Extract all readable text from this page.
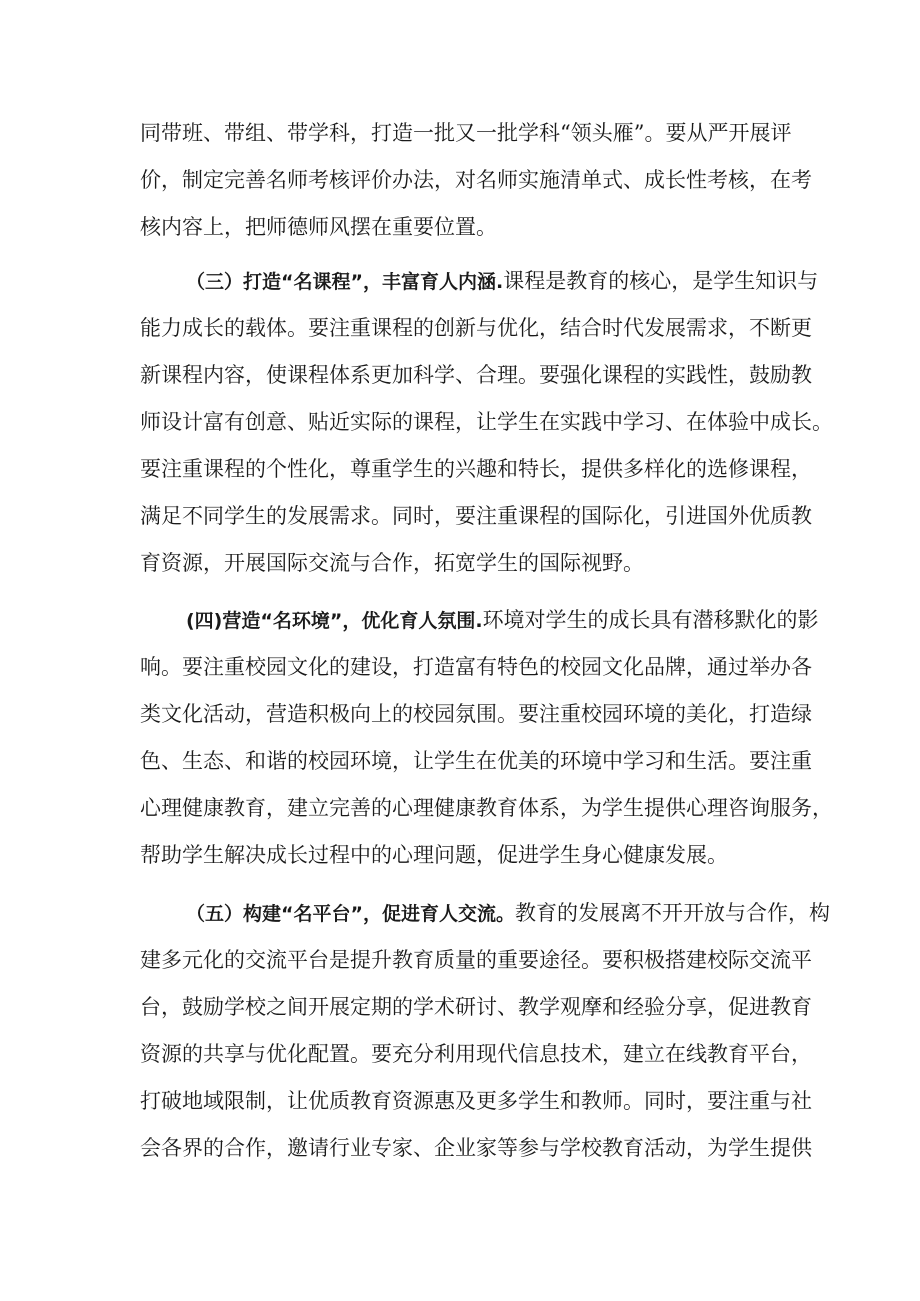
同带班、带组、带学科，打造一批又一批学科“领头雁”。要从严开展评
价，制定完善名师考核评价办法，对名师实施清单式、成长性考核，在考
核内容上，把师德师风摆在重要位置。
（三）打造“名课程”，丰富育人内涵.课程是教育的核心，是学生知识与
能力成长的载体。要注重课程的创新与优化，结合时代发展需求，不断更
新课程内容，使课程体系更加科学、合理。要强化课程的实践性，鼓励教
师设计富有创意、贴近实际的课程，让学生在实践中学习、在体验中成长。
要注重课程的个性化，尊重学生的兴趣和特长，提供多样化的选修课程，
满足不同学生的发展需求。同时，要注重课程的国际化，引进国外优质教
育资源，开展国际交流与合作，拓宽学生的国际视野。
(四)营造“名环境”，优化育人氛围.环境对学生的成长具有潜移默化的影
响。要注重校园文化的建设，打造富有特色的校园文化品牌，通过举办各
类文化活动，营造积极向上的校园氛围。要注重校园环境的美化，打造绿
色、生态、和谐的校园环境，让学生在优美的环境中学习和生活。要注重
心理健康教育，建立完善的心理健康教育体系，为学生提供心理咨询服务，
帮助学生解决成长过程中的心理问题，促进学生身心健康发展。
（五）构建“名平台”，促进育人交流。教育的发展离不开开放与合作，构
建多元化的交流平台是提升教育质量的重要途径。要积极搭建校际交流平
台，鼓励学校之间开展定期的学术研讨、教学观摩和经验分享，促进教育
资源的共享与优化配置。要充分利用现代信息技术，建立在线教育平台，
打破地域限制，让优质教育资源惠及更多学生和教师。同时，要注重与社
会各界的合作，邀请行业专家、企业家等参与学校教育活动，为学生提供
